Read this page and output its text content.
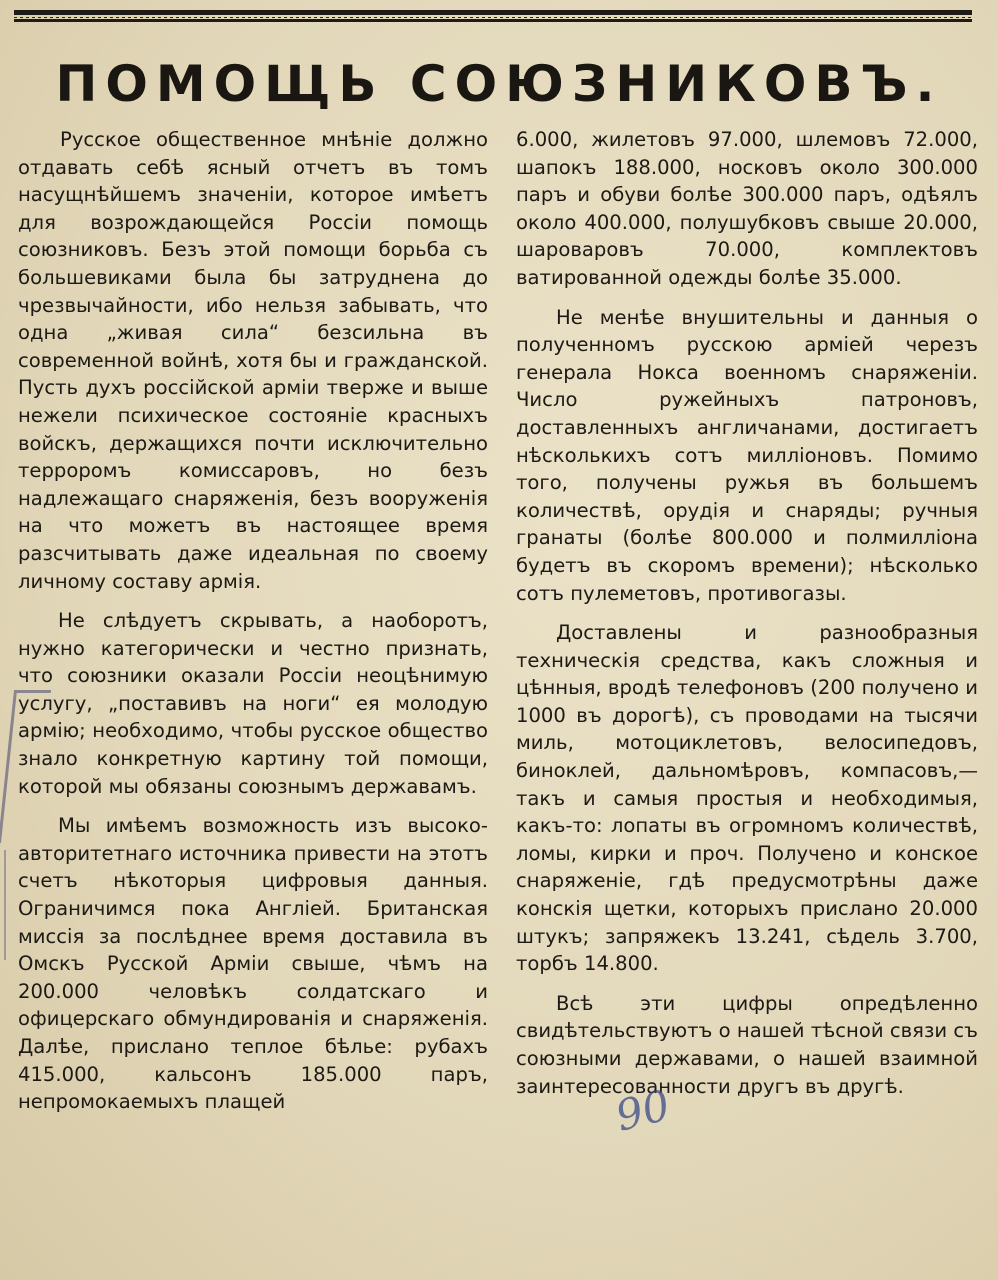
ПОМОЩЬ СОЮЗНИКОВЪ.

Русское общественное мнѣніе должно отдавать себѣ ясный отчетъ въ томъ насущнѣйшемъ значеніи, которое имѣетъ для возрождающейся Россіи помощь союзниковъ. Безъ этой помощи борьба съ большевиками была бы затруднена до чрезвычайности, ибо нельзя забывать, что одна „живая сила“ безсильна въ современной войнѣ, хотя бы и гражданской. Пусть духъ россійской арміи тверже и выше нежели психическое состояніе красныхъ войскъ, держащихся почти исключительно терроромъ комиссаровъ, но безъ надлежащаго снаряженія, безъ вооруженія на что можетъ въ настоящее время разсчитывать даже идеальная по своему личному составу армія.

Не слѣдуетъ скрывать, а наоборотъ, нужно категорически и честно признать, что союзники оказали Россіи неоцѣнимую услугу, „поставивъ на ноги“ ея молодую армію; необходимо, чтобы русское общество знало конкретную картину той помощи, которой мы обязаны союзнымъ державамъ.

Мы имѣемъ возможность изъ высоко-авторитетнаго источника привести на этотъ счетъ нѣкоторыя цифровыя данныя. Ограничимся пока Англіей. Британская миссія за послѣднее время доставила въ Омскъ Русской Арміи свыше, чѣмъ на 200.000 человѣкъ солдатскаго и офицерскаго обмундированія и снаряженія. Далѣе, прислано теплое бѣлье: рубахъ 415.000, кальсонъ 185.000 паръ, непромокаемыхъ плащей

6.000, жилетовъ 97.000, шлемовъ 72.000, шапокъ 188.000, носковъ около 300.000 паръ и обуви болѣе 300.000 паръ, одѣялъ около 400.000, полушубковъ свыше 20.000, шароваровъ 70.000, комплектовъ ватированной одежды болѣе 35.000.

Не менѣе внушительны и данныя о полученномъ русскою арміей черезъ генерала Нокса военномъ снаряженіи. Число ружейныхъ патроновъ, доставленныхъ англичанами, достигаетъ нѣсколькихъ сотъ милліоновъ. Помимо того, получены ружья въ большемъ количествѣ, орудія и снаряды; ручныя гранаты (болѣе 800.000 и полмилліона будетъ въ скоромъ времени); нѣсколько сотъ пулеметовъ, противогазы.

Доставлены и разнообразныя техническія средства, какъ сложныя и цѣнныя, вродѣ телефоновъ (200 получено и 1000 въ дорогѣ), съ проводами на тысячи миль, мотоциклетовъ, велосипедовъ, биноклей, дальномѣровъ, компасовъ,—такъ и самыя простыя и необходимыя, какъ-то: лопаты въ огромномъ количествѣ, ломы, кирки и проч. Получено и конское снаряженіе, гдѣ предусмотрѣны даже конскія щетки, которыхъ прислано 20.000 штукъ; запряжекъ 13.241, сѣдель 3.700, торбъ 14.800.

Всѣ эти цифры опредѣленно свидѣтельствуютъ о нашей тѣсной связи съ союзными державами, о нашей взаимной заинтересованности другъ въ другѣ.

90
